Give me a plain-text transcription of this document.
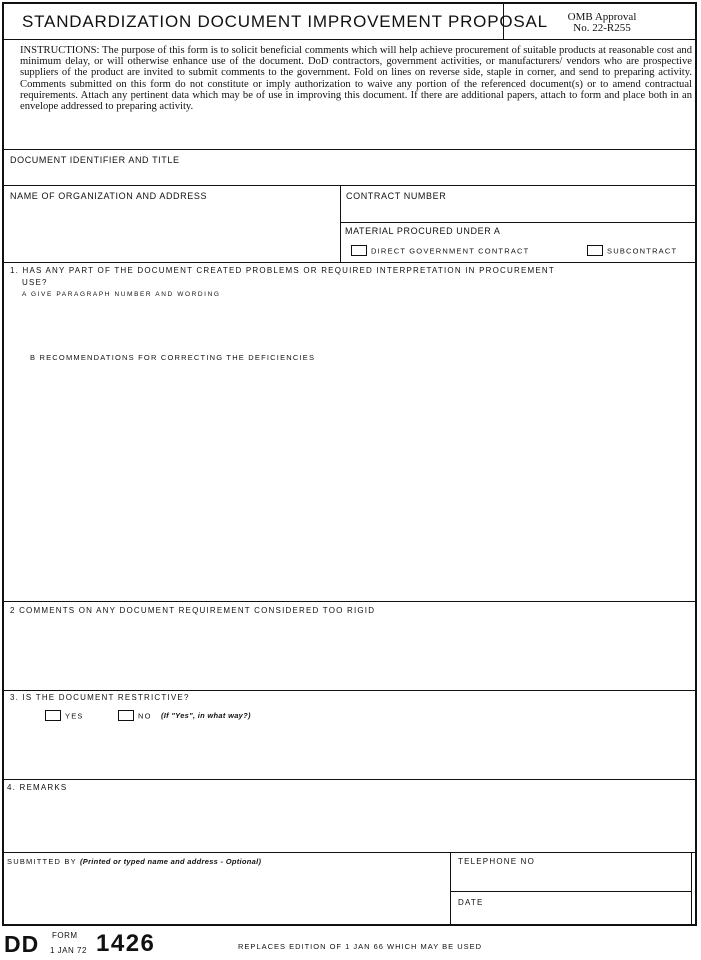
STANDARDIZATION DOCUMENT IMPROVEMENT PROPOSAL	OMB Approval
No. 22-R255
INSTRUCTIONS: The purpose of this form is to solicit beneficial comments which will help achieve procurement of suitable products at reasonable cost and minimum delay, or will otherwise enhance use of the document. DoD contractors, government activities, or manufacturers/ vendors who are prospective suppliers of the product are invited to submit comments to the government. Fold on lines on reverse side, staple in corner, and send to preparing activity. Comments submitted on this form do not constitute or imply authorization to waive any portion of the referenced document(s) or to amend contractual requirements. Attach any pertinent data which may be of use in improving this document. If there are additional papers, attach to form and place both in an envelope addressed to preparing activity.
DOCUMENT IDENTIFIER AND TITLE
NAME OF ORGANIZATION AND ADDRESS	CONTRACT NUMBER
MATERIAL PROCURED UNDER A
DIRECT GOVERNMENT CONTRACT	SUBCONTRACT
1. HAS ANY PART OF THE DOCUMENT CREATED PROBLEMS OR REQUIRED INTERPRETATION IN PROCUREMENT
USE?
A GIVE PARAGRAPH NUMBER AND WORDING
B RECOMMENDATIONS FOR CORRECTING THE DEFICIENCIES
2 COMMENTS ON ANY DOCUMENT REQUIREMENT CONSIDERED TOO RIGID
3. IS THE DOCUMENT RESTRICTIVE?
YES	NO (If "Yes", in what way?)
4. REMARKS
SUBMITTED BY (Printed or typed name and address - Optional)	TELEPHONE NO
DATE
DD FORM
1 JAN 72 1426	REPLACES EDITION OF 1 JAN 66 WHICH MAY BE USED
